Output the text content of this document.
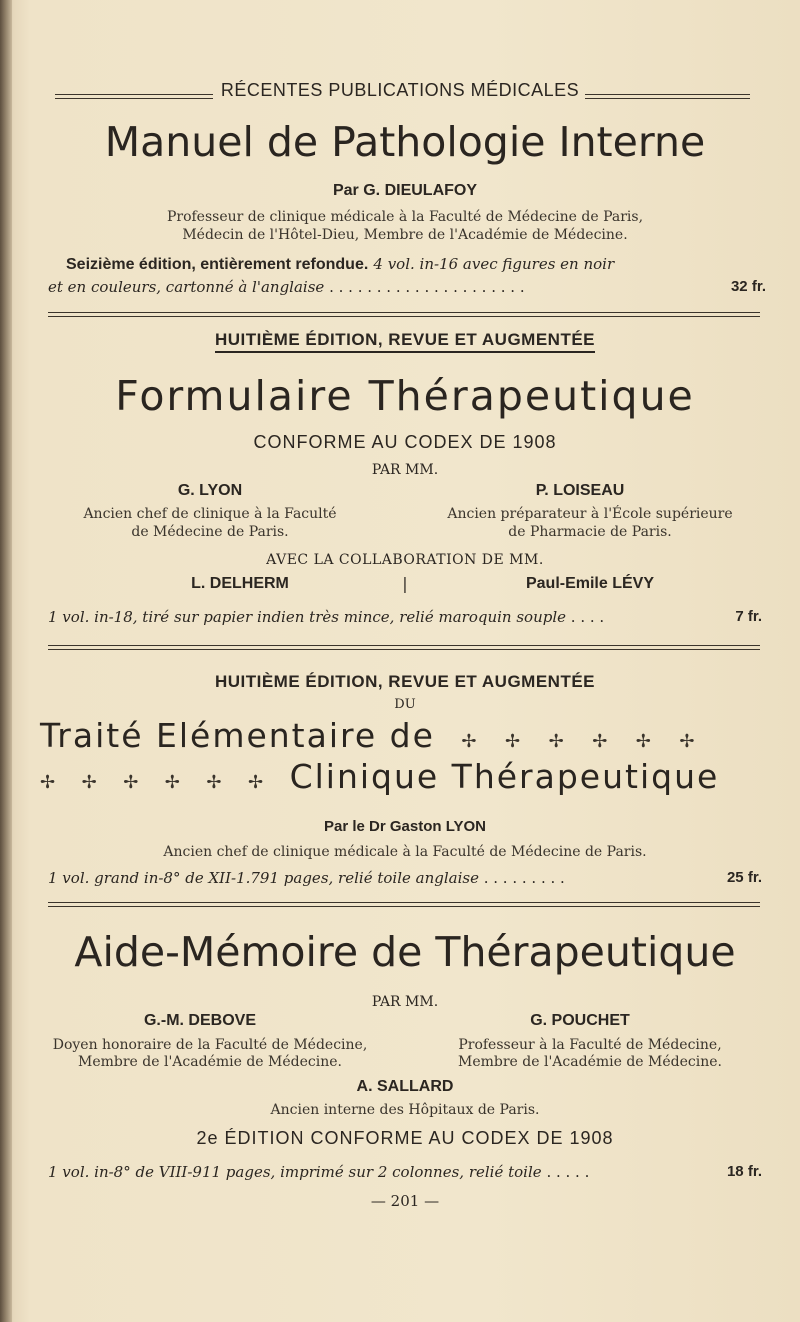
RÉCENTES PUBLICATIONS MÉDICALES
Manuel de Pathologie Interne
Par G. DIEULAFOY
Professeur de clinique médicale à la Faculté de Médecine de Paris,
Médecin de l'Hôtel-Dieu, Membre de l'Académie de Médecine.
Seizième édition, entièrement refondue. 4 vol. in-16 avec figures en noir
et en couleurs, cartonné à l'anglaise . . . . . . . . . . . . . . . . . . . . .	32 fr.
HUITIÈME ÉDITION, REVUE ET AUGMENTÉE
Formulaire Thérapeutique
CONFORME AU CODEX DE 1908
PAR MM.
G. LYON
Ancien chef de clinique à la Faculté
de Médecine de Paris.
P. LOISEAU
Ancien préparateur à l'École supérieure
de Pharmacie de Paris.
AVEC LA COLLABORATION DE MM.
L. DELHERM	|	Paul-Emile LÉVY
1 vol. in-18, tiré sur papier indien très mince, relié maroquin souple . . . .	7 fr.
HUITIÈME ÉDITION, REVUE ET AUGMENTÉE
DU
Traité Elémentaire de ✢ ✢ ✢ ✢ ✢ ✢
✢ ✢ ✢ ✢ ✢ ✢ Clinique Thérapeutique
Par le Dr Gaston LYON
Ancien chef de clinique médicale à la Faculté de Médecine de Paris.
1 vol. grand in-8° de XII-1.791 pages, relié toile anglaise . . . . . . . . .	25 fr.
Aide-Mémoire de Thérapeutique
PAR MM.
G.-M. DEBOVE
Doyen honoraire de la Faculté de Médecine,
Membre de l'Académie de Médecine.
G. POUCHET
Professeur à la Faculté de Médecine,
Membre de l'Académie de Médecine.
A. SALLARD
Ancien interne des Hôpitaux de Paris.
2e ÉDITION CONFORME AU CODEX DE 1908
1 vol. in-8° de VIII-911 pages, imprimé sur 2 colonnes, relié toile . . . . .	18 fr.
— 201 —
